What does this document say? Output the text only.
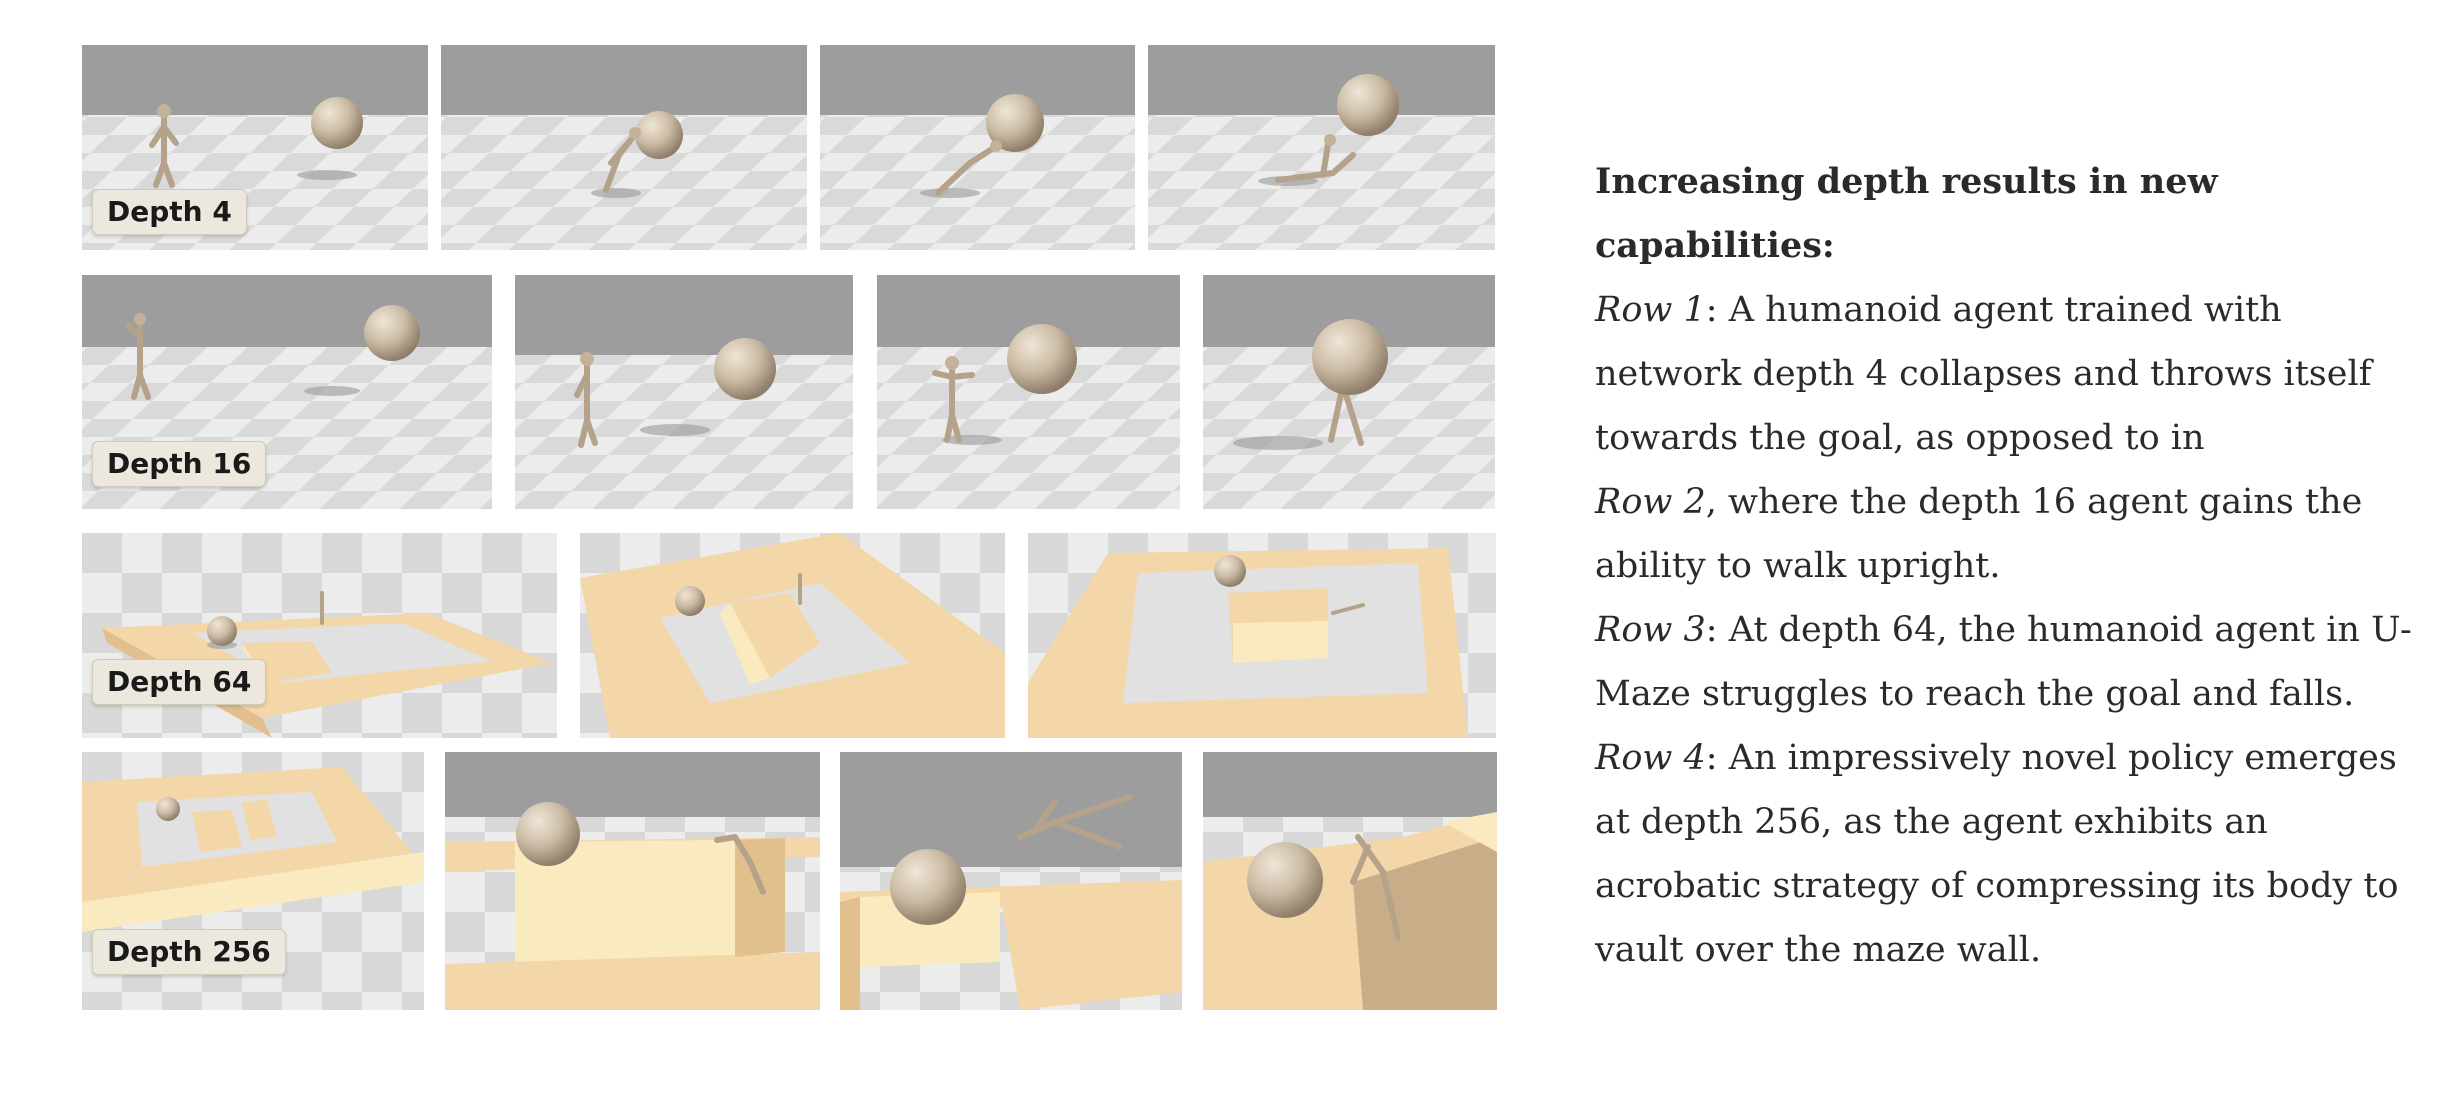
Depth 4
Depth 16
Depth 64
Depth 256

Increasing depth results in new capabilities:

Row 1: A humanoid agent trained with network depth 4 collapses and throws itself towards the goal, as opposed to in

Row 2, where the depth 16 agent gains the ability to walk upright.

Row 3: At depth 64, the humanoid agent in U-Maze struggles to reach the goal and falls.

Row 4: An impressively novel policy emerges at depth 256, as the agent exhibits an acrobatic strategy of compressing its body to vault over the maze wall.
